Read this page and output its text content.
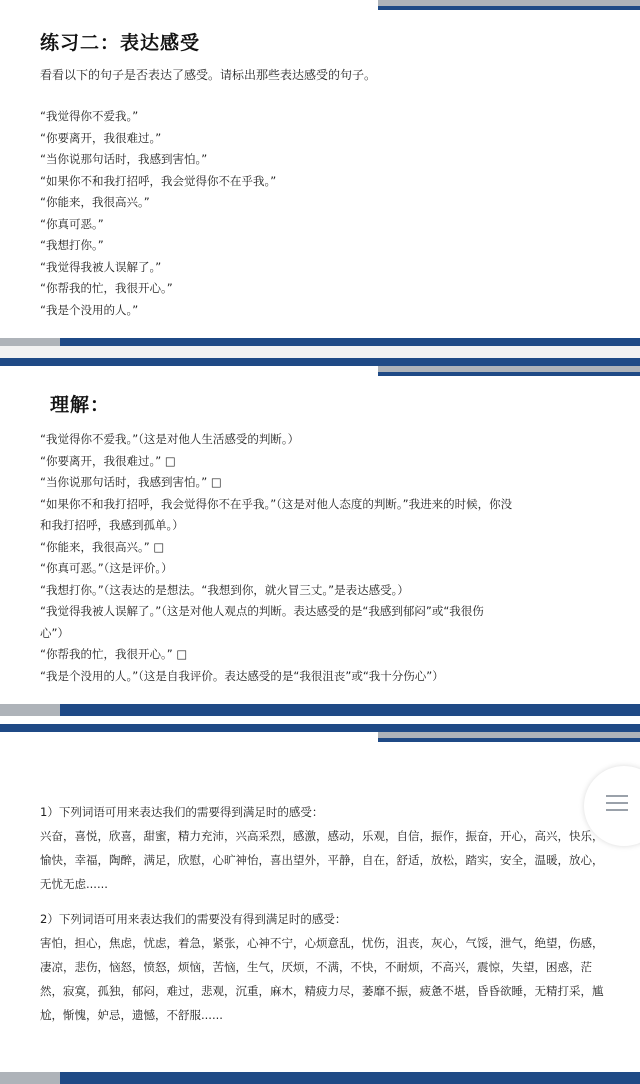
练习二：表达感受
看看以下的句子是否表达了感受。请标出那些表达感受的句子。
“我觉得你不爱我。”
“你要离开，我很难过。”
“当你说那句话时，我感到害怕。”
“如果你不和我打招呼，我会觉得你不在乎我。”
“你能来，我很高兴。”
“你真可恶。”
“我想打你。”
“我觉得我被人误解了。”
“你帮我的忙，我很开心。”
“我是个没用的人。”
理解：
“我觉得你不爱我。”（这是对他人生活感受的判断。）
“你要离开，我很难过。” □
“当你说那句话时，我感到害怕。” □
“如果你不和我打招呼，我会觉得你不在乎我。”（这是对他人态度的判断。”我进来的时候，你没
和我打招呼，我感到孤单。）
“你能来，我很高兴。” □
“你真可恶。”（这是评价。）
“我想打你。”（这表达的是想法。“我想到你，就火冒三丈。”是表达感受。）
“我觉得我被人误解了。”（这是对他人观点的判断。表达感受的是“我感到郁闷”或“我很伤
心”）
“你帮我的忙，我很开心。” □
“我是个没用的人。”（这是自我评价。表达感受的是“我很沮丧”或“我十分伤心”）
1）下列词语可用来表达我们的需要得到满足时的感受：
兴奋，喜悦，欣喜，甜蜜，精力充沛，兴高采烈，感激，感动，乐观，自信，振作，振奋，开心，高兴，快乐，愉快，幸福，陶醉，满足，欣慰，心旷神怡，喜出望外，平静，自在，舒适，放松，踏实，安全，温暖，放心，无忧无虑......
2）下列词语可用来表达我们的需要没有得到满足时的感受：
害怕，担心，焦虑，忧虑，着急，紧张，心神不宁，心烦意乱，忧伤，沮丧，灰心，气馁，泄气，绝望，伤感，凄凉，悲伤，恼怒，愤怒，烦恼，苦恼，生气，厌烦，不满，不快，不耐烦，不高兴，震惊，失望，困惑，茫然，寂寞，孤独，郁闷，难过，悲观，沉重，麻木，精疲力尽，萎靡不振，疲惫不堪，昏昏欲睡，无精打采，尴尬，惭愧，妒忌，遗憾，不舒服......
